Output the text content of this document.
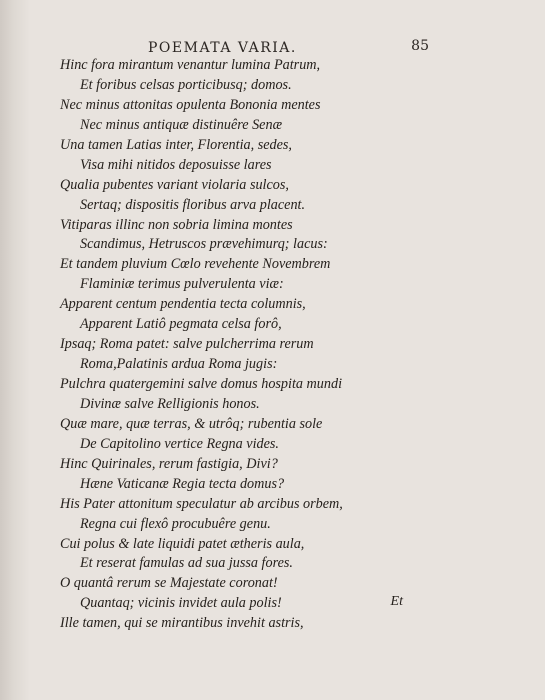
POEMATA VARIA.	85
Hinc fora mirantum venantur lumina Patrum,
Et foribus celsas porticibusq; domos.
Nec minus attonitas opulenta Bononia mentes
Nec minus antiquæ distinuêre Senæ
Una tamen Latias inter, Florentia, sedes,
Visa mihi nitidos deposuisse lares
Qualia pubentes variant violaria sulcos,
Sertaq; dispositis floribus arva placent.
Vitiparas illinc non sobria limina montes
Scandimus, Hetruscos prævehimurq; lacus:
Et tandem pluvium Cœlo revehente Novembrem
Flaminiæ terimus pulverulenta viæ:
Apparent centum pendentia tecta columnis,
Apparent Latiô pegmata celsa forô,
Ipsaq; Roma patet: salve pulcherrima rerum
Roma,Palatinis ardua Roma jugis:
Pulchra quatergemini salve domus hospita mundi
Divinæ salve Relligionis honos.
Quæ mare, quæ terras, & utrôq; rubentia sole
De Capitolino vertice Regna vides.
Hinc Quirinales, rerum fastigia, Divi?
Hæne Vaticanæ Regia tecta domus?
His Pater attonitum speculatur ab arcibus orbem,
Regna cui flexô procubuêre genu.
Cui polus & late liquidi patet ætheris aula,
Et reserat famulas ad sua jussa fores.
O quantâ rerum se Majestate coronat!
Quantaq; vicinis invidet aula polis!
Ille tamen, qui se mirantibus invehit astris,
Et
